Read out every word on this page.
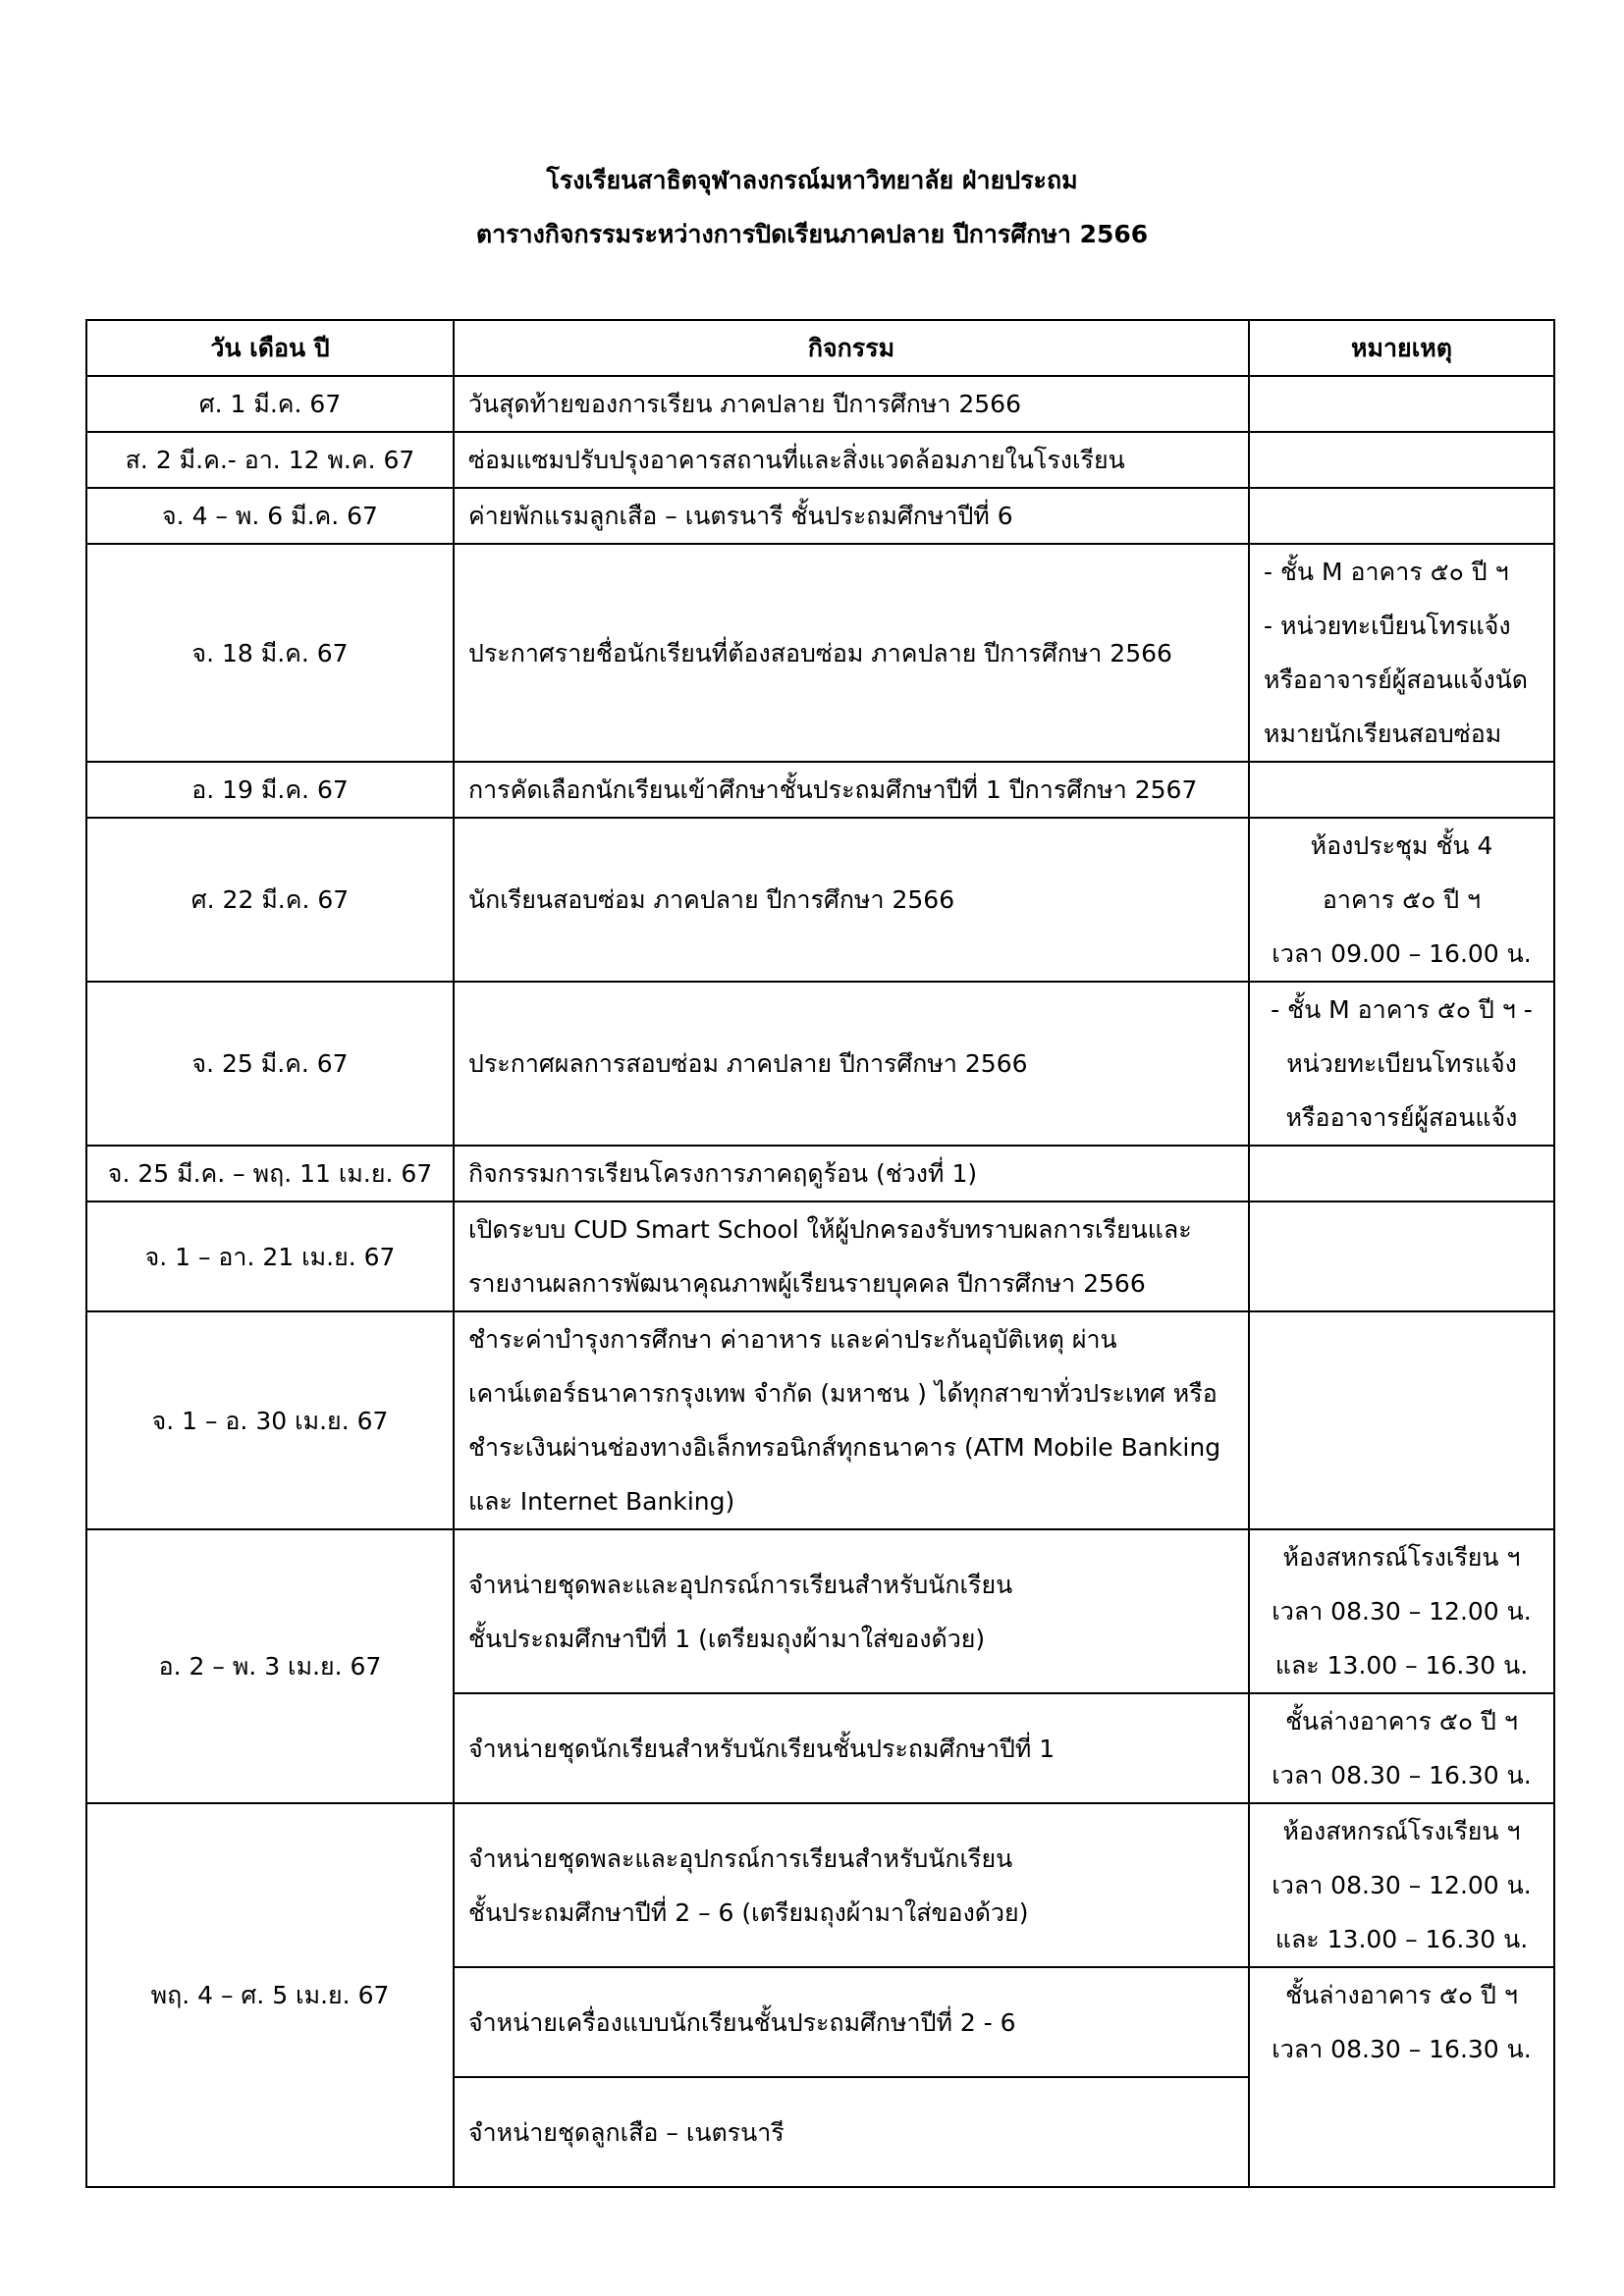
โรงเรียนสาธิตจุฬาลงกรณ์มหาวิทยาลัย ฝ่ายประถม
ตารางกิจกรรมระหว่างการปิดเรียนภาคปลาย ปีการศึกษา 2566
วัน เดือน ปี	กิจกรรม	หมายเหตุ
ศ. 1 มี.ค. 67	วันสุดท้ายของการเรียน ภาคปลาย ปีการศึกษา 2566	
ส. 2 มี.ค.- อา. 12 พ.ค. 67	ซ่อมแซมปรับปรุงอาคารสถานที่และสิ่งแวดล้อมภายในโรงเรียน	
จ. 4 – พ. 6 มี.ค. 67	ค่ายพักแรมลูกเสือ – เนตรนารี ชั้นประถมศึกษาปีที่ 6	
จ. 18 มี.ค. 67	ประกาศรายชื่อนักเรียนที่ต้องสอบซ่อม ภาคปลาย ปีการศึกษา 2566	- ชั้น M อาคาร ๕๐ ปี ฯ
- หน่วยทะเบียนโทรแจ้ง
หรืออาจารย์ผู้สอนแจ้งนัด
หมายนักเรียนสอบซ่อม

อ. 19 มี.ค. 67	การคัดเลือกนักเรียนเข้าศึกษาชั้นประถมศึกษาปีที่ 1 ปีการศึกษา 2567	
ศ. 22 มี.ค. 67	นักเรียนสอบซ่อม ภาคปลาย ปีการศึกษา 2566	ห้องประชุม ชั้น 4
อาคาร ๕๐ ปี ฯ
เวลา 09.00 – 16.00 น.

จ. 25 มี.ค. 67	ประกาศผลการสอบซ่อม ภาคปลาย ปีการศึกษา 2566	- ชั้น M อาคาร ๕๐ ปี ฯ -
หน่วยทะเบียนโทรแจ้ง
หรืออาจารย์ผู้สอนแจ้ง

จ. 25 มี.ค. – พฤ. 11 เม.ย. 67	กิจกรรมการเรียนโครงการภาคฤดูร้อน (ช่วงที่ 1)	
จ. 1 – อา. 21 เม.ย. 67	เปิดระบบ CUD Smart School ให้ผู้ปกครองรับทราบผลการเรียนและ
รายงานผลการพัฒนาคุณภาพผู้เรียนรายบุคคล ปีการศึกษา 2566	

จ. 1 – อ. 30 เม.ย. 67	ชำระค่าบำรุงการศึกษา ค่าอาหาร และค่าประกันอุบัติเหตุ ผ่าน
เคาน์เตอร์ธนาคารกรุงเทพ จำกัด (มหาชน ) ได้ทุกสาขาทั่วประเทศ หรือ
ชำระเงินผ่านช่องทางอิเล็กทรอนิกส์ทุกธนาคาร (ATM Mobile Banking
และ Internet Banking)	

อ. 2 – พ. 3 เม.ย. 67	จำหน่ายชุดพละและอุปกรณ์การเรียนสำหรับนักเรียน
ชั้นประถมศึกษาปีที่ 1 (เตรียมถุงผ้ามาใส่ของด้วย)	ห้องสหกรณ์โรงเรียน ฯ
เวลา 08.30 – 12.00 น.
และ 13.00 – 16.30 น.

	จำหน่ายชุดนักเรียนสำหรับนักเรียนชั้นประถมศึกษาปีที่ 1	ชั้นล่างอาคาร ๕๐ ปี ฯ
เวลา 08.30 – 16.30 น.

พฤ. 4 – ศ. 5 เม.ย. 67	จำหน่ายชุดพละและอุปกรณ์การเรียนสำหรับนักเรียน
ชั้นประถมศึกษาปีที่ 2 – 6 (เตรียมถุงผ้ามาใส่ของด้วย)	ห้องสหกรณ์โรงเรียน ฯ
เวลา 08.30 – 12.00 น.
และ 13.00 – 16.30 น.

	จำหน่ายเครื่องแบบนักเรียนชั้นประถมศึกษาปีที่ 2 - 6	ชั้นล่างอาคาร ๕๐ ปี ฯ
เวลา 08.30 – 16.30 น.

	จำหน่ายชุดลูกเสือ – เนตรนารี	
